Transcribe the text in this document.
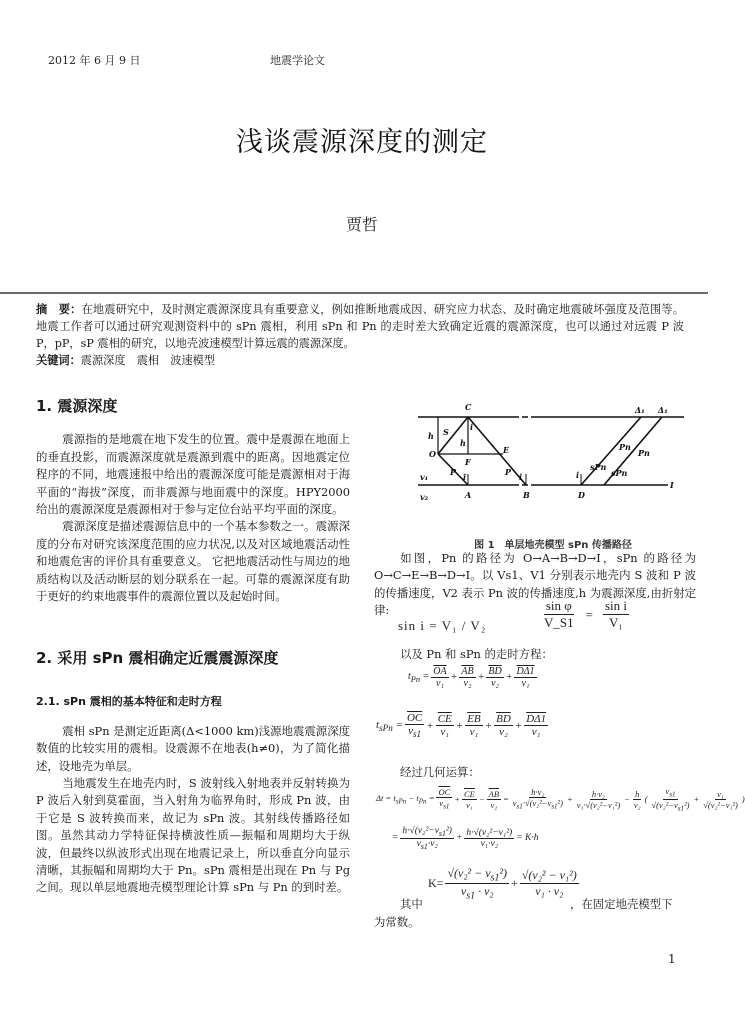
2012 年 6 月 9 日	地震学论文
浅谈震源深度的测定
贾哲
摘　要：在地震研究中，及时测定震源深度具有重要意义，例如推断地震成因、研究应力状态、及时确定地震破坏强度及范围等。地震工作者可以通过研究观测资料中的 sPn 震相，利用 sPn 和 Pn 的走时差大致确定近震的震源深度，也可以通过对远震 P 波 P，pP，sP 震相的研究，以地壳波速模型计算远震的震源深度。
关键词：震源深度　震相　波速模型
1. 震源深度

震源指的是地震在地下发生的位置。震中是震源在地面上的垂直投影，而震源深度就是震源到震中的距离。因地震定位程序的不同，地震速报中给出的震源深度可能是震源相对于海平面的“海拔”深度，而非震源与地面震中的深度。HPY2000 给出的震源深度是震源相对于参与定位台站平均平面的深度。

震源深度是描述震源信息中的一个基本参数之一。震源深度的分布对研究该深度范围的应力状况,以及对区域地震活动性和地震危害的评价具有重要意义。 它把地震活动性与周边的地质结构以及活动断层的划分联系在一起。可靠的震源深度有助于更好的约束地震事件的震源位置以及起始时间。

2. 采用 sPn 震相确定近震震源深度
2.1. sPn 震相的基本特征和走时方程

震相 sPn 是测定近距离(Δ<1000 km)浅源地震震源深度数值的比较实用的震相。设震源不在地表(h≠0)，为了简化描述，设地壳为单层。

当地震发生在地壳内时，S 波射线入射地表并反射转换为 P 波后入射到莫霍面，当入射角为临界角时，形成 Pn 波，由于它是 S 波转换而来，故记为 sPn 波。其射线传播路径如图。虽然其动力学特征保持横波性质—振幅和周期均大于纵波，但最终以纵波形式出现在地震记录上，所以垂直分向显示清晰，其振幅和周期均大于 Pn。sPn 震相是出现在 Pn 与 Pg 之间。现以单层地震地壳模型理论计算 sPn 与 Pn 的到时差。

C
h S	i
h
O
F
E
P i	P i
v₁
v₂	A	B	D
I
i
Δ₁ Δ₁
Pn
Pn
sPn
sPn
图 1　单层地壳模型 sPn 传播路径

如图，Pn 的路径为 O→A→B→D→I，sPn 的路径为 O→C→E→B→D→I。以 Vs1、V1 分别表示地壳内 S 波和 P 波的传播速度，V2 表示 Pn 波的传播速度,h 为震源深度,由折射定律:

sin i = V₁ / V₂	$\frac{\text{sin φ}}{V\_S1} = \frac{\text{sin i}}{\text{V₁}}$
以及 Pn 和 sPn 的走时方程：
$t_{Pn} = \frac{\overline{OA}}{\text{v₁}} + \frac{\overline{AB}}{\text{v₂}} + \frac{\overline{BD}}{\text{v₂}} + \frac{D\Delta 1}{\text{v₁}}$
$t_{sPn} = \frac{\overline{OC}}{v_{s1}} + \frac{\overline{CE}}{\text{v₁}} + \frac{\overline{EB}}{\text{v₁}} + \frac{\overline{BD}}{\text{v₂}} + \frac{D\Delta 1}{\text{v₁}}$
经过几何运算：
$\Delta t = t_{sPn} - t_{Pn} = \frac{\overline{OC}}{v_{s1}} + \frac{\overline{CE}}{\text{v₁}} - \frac{\overline{AB}}{\text{v₂}} = \frac{\text{h·v₂}}{v_{s1}\cdot√(v_2^2-v_{s1}^2)} + \frac{\text{h·v₂}}{\text{v₁·√(v₂²−v₁²)}} - \frac{h}{\text{v₂}}$ ( $\frac{v_{s1}}{√(v_2^2-v_{s1}^2)} + \frac{\text{v₁}}{\text{√(v₂²−v₁²)}}$ )
= $\frac{h\cdot√(v_2^2-v_{s1}^2)}{v_{s1}\cdot v_2} + \frac{\text{h·√(v₂²−v₁²)}}{\text{v₁·v₂}} = K\cdot h$
$K= \frac{√(v_2^2 - v_{s1}^2)}{v_{s1} \cdot v_2} + \frac{\text{√(v₂² − v₁²)}}{\text{v₁ · v₂}}$
其中	，在固定地壳模型下
为常数。
1
